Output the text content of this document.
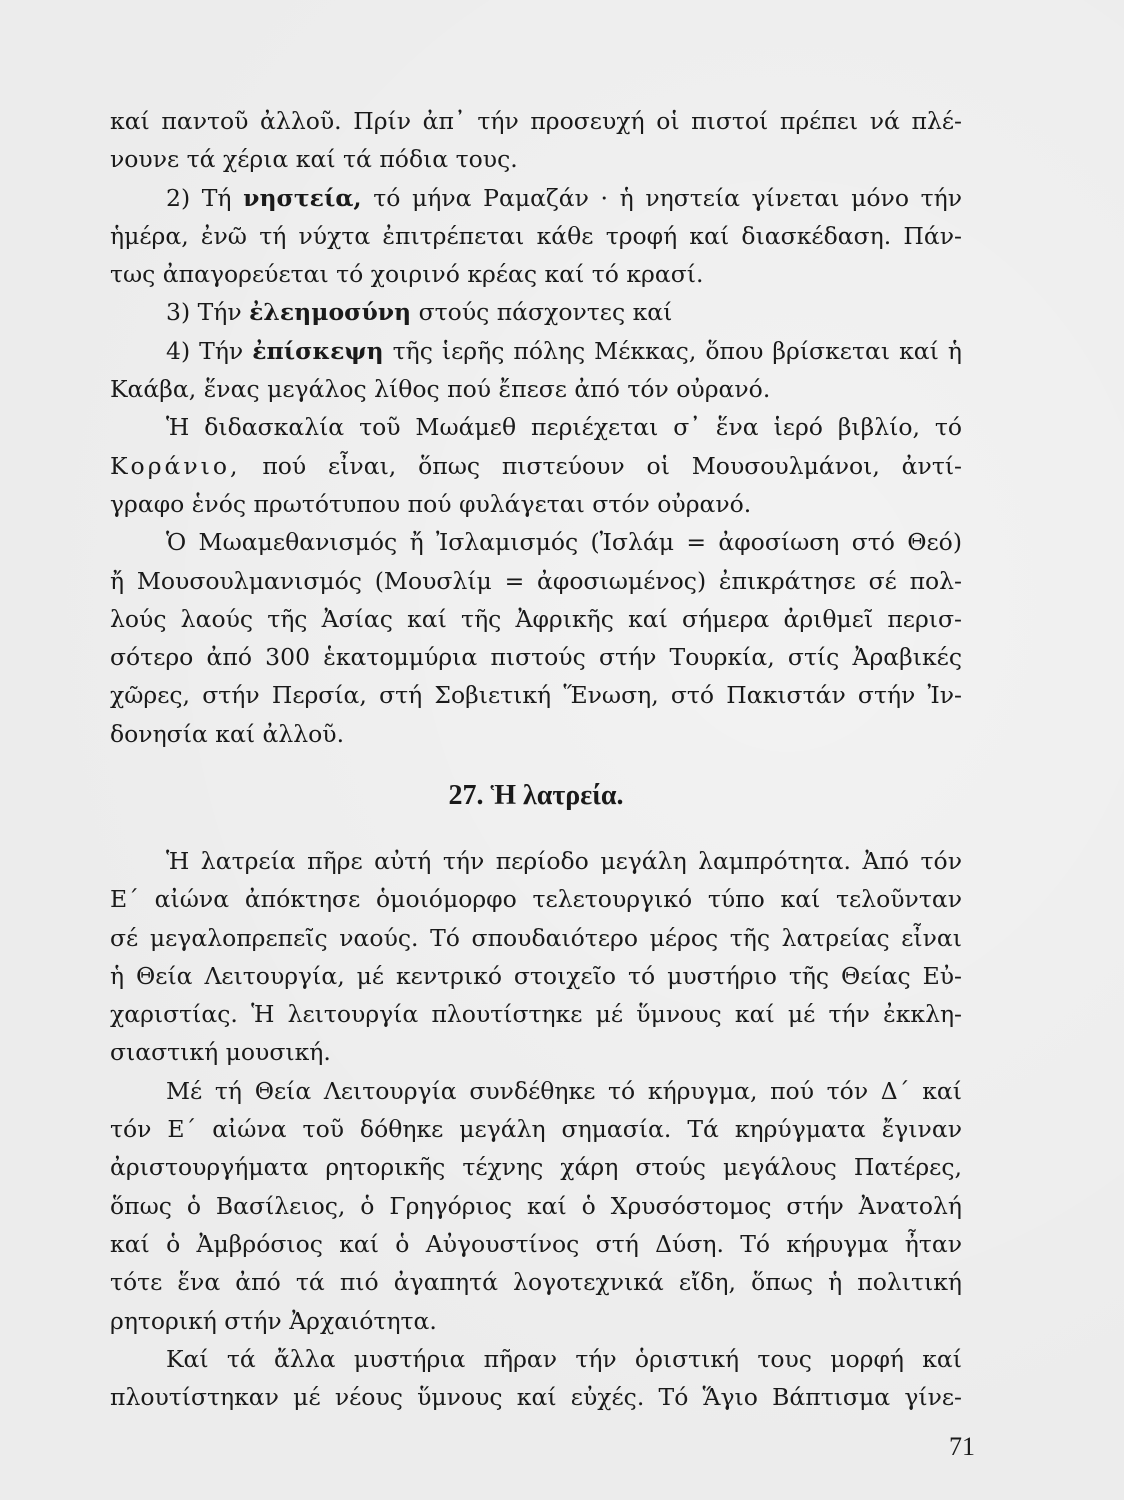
καί παντοῦ ἀλλοῦ. Πρίν ἀπ᾿ τήν προσευχή οἱ πιστοί πρέπει νά πλέ-
νουνε τά χέρια καί τά πόδια τους.
2) Τή νηστεία, τό μήνα Ραμαζάν · ἡ νηστεία γίνεται μόνο τήν
ἡμέρα, ἐνῶ τή νύχτα ἐπιτρέπεται κάθε τροφή καί διασκέδαση. Πάν-
τως ἀπαγορεύεται τό χοιρινό κρέας καί τό κρασί.
3) Τήν ἐλεημοσύνη στούς πάσχοντες καί
4) Τήν ἐπίσκεψη τῆς ἱερῆς πόλης Μέκκας, ὅπου βρίσκεται καί ἡ
Καάβα, ἕνας μεγάλος λίθος πού ἔπεσε ἀπό τόν οὐρανό.
Ἡ διδασκαλία τοῦ Μωάμεθ περιέχεται σ᾿ ἕνα ἱερό βιβλίο, τό
Κοράνιο, πού εἶναι, ὅπως πιστεύουν οἱ Μουσουλμάνοι, ἀντί-
γραφο ἑνός πρωτότυπου πού φυλάγεται στόν οὐρανό.
Ὁ Μωαμεθανισμός ἤ Ἰσλαμισμός (Ἰσλάμ = ἀφοσίωση στό Θεό)
ἤ Μουσουλμανισμός (Μουσλίμ = ἀφοσιωμένος) ἐπικράτησε σέ πολ-
λούς λαούς τῆς Ἀσίας καί τῆς Ἀφρικῆς καί σήμερα ἀριθμεῖ περισ-
σότερο ἀπό 300 ἑκατομμύρια πιστούς στήν Τουρκία, στίς Ἀραβικές
χῶρες, στήν Περσία, στή Σοβιετική Ἕνωση, στό Πακιστάν στήν Ἰν-
δονησία καί ἀλλοῦ.
27. Ἡ λατρεία.
Ἡ λατρεία πῆρε αὐτή τήν περίοδο μεγάλη λαμπρότητα. Ἀπό τόν
Ε΄ αἰώνα ἀπόκτησε ὁμοιόμορφο τελετουργικό τύπο καί τελοῦνταν
σέ μεγαλοπρεπεῖς ναούς. Τό σπουδαιότερο μέρος τῆς λατρείας εἶναι
ἡ Θεία Λειτουργία, μέ κεντρικό στοιχεῖο τό μυστήριο τῆς Θείας Εὐ-
χαριστίας. Ἡ λειτουργία πλουτίστηκε μέ ὕμνους καί μέ τήν ἐκκλη-
σιαστική μουσική.
Μέ τή Θεία Λειτουργία συνδέθηκε τό κήρυγμα, πού τόν Δ΄ καί
τόν Ε΄ αἰώνα τοῦ δόθηκε μεγάλη σημασία. Τά κηρύγματα ἔγιναν
ἀριστουργήματα ρητορικῆς τέχνης χάρη στούς μεγάλους Πατέρες,
ὅπως ὁ Βασίλειος, ὁ Γρηγόριος καί ὁ Χρυσόστομος στήν Ἀνατολή
καί ὁ Ἀμβρόσιος καί ὁ Αὐγουστίνος στή Δύση. Τό κήρυγμα ἦταν
τότε ἕνα ἀπό τά πιό ἀγαπητά λογοτεχνικά εἴδη, ὅπως ἡ πολιτική
ρητορική στήν Ἀρχαιότητα.
Καί τά ἄλλα μυστήρια πῆραν τήν ὁριστική τους μορφή καί
πλουτίστηκαν μέ νέους ὕμνους καί εὐχές. Τό Ἅγιο Βάπτισμα γίνε-
71
